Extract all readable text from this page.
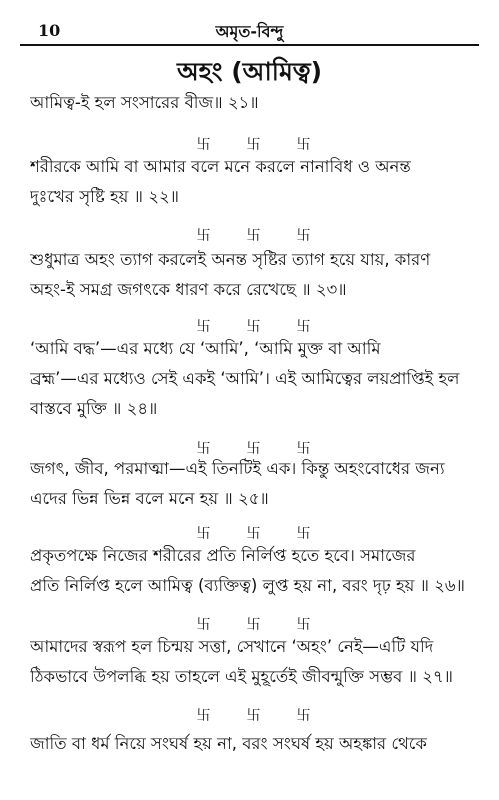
10	অমৃত-বিন্দু
অহং (আমিত্ব)
আমিত্ব-ই হল সংসারের বীজ॥ ২১॥
卐	卐	卐
শরীরকে আমি বা আমার বলে মনে করলে নানাবিধ ও অনন্ত
দুঃখের সৃষ্টি হয় ॥ ২২॥
卐	卐	卐
শুধুমাত্র অহং ত্যাগ করলেই অনন্ত সৃষ্টির ত্যাগ হয়ে যায়, কারণ
অহং-ই সমগ্র জগৎকে ধারণ করে রেখেছে ॥ ২৩॥
卐	卐	卐
‘আমি বদ্ধ’—এর মধ্যে যে ‘আমি’, ‘আমি মুক্ত বা আমি
ব্রহ্ম’—এর মধ্যেও সেই একই ‘আমি’। এই আমিত্বের লয়প্রাপ্তিই হল
বাস্তবে মুক্তি ॥ ২৪॥
卐	卐	卐
জগৎ, জীব, পরমাত্মা—এই তিনটিই এক। কিন্তু অহংবোধের জন্য
এদের ভিন্ন ভিন্ন বলে মনে হয় ॥ ২৫॥
卐	卐	卐
প্রকৃতপক্ষে নিজের শরীরের প্রতি নির্লিপ্ত হতে হবে। সমাজের
প্রতি নির্লিপ্ত হলে আমিত্ব (ব্যক্তিত্ব) লুপ্ত হয় না, বরং দৃঢ় হয় ॥ ২৬॥
卐	卐	卐
আমাদের স্বরূপ হল চিন্ময় সত্তা, সেখানে ‘অহং’ নেই—এটি যদি
ঠিকভাবে উপলব্ধি হয় তাহলে এই মুহূর্তেই জীবন্মুক্তি সম্ভব ॥ ২৭॥
卐	卐	卐
জাতি বা ধর্ম নিয়ে সংঘর্ষ হয় না, বরং সংঘর্ষ হয় অহঙ্কার থেকে
